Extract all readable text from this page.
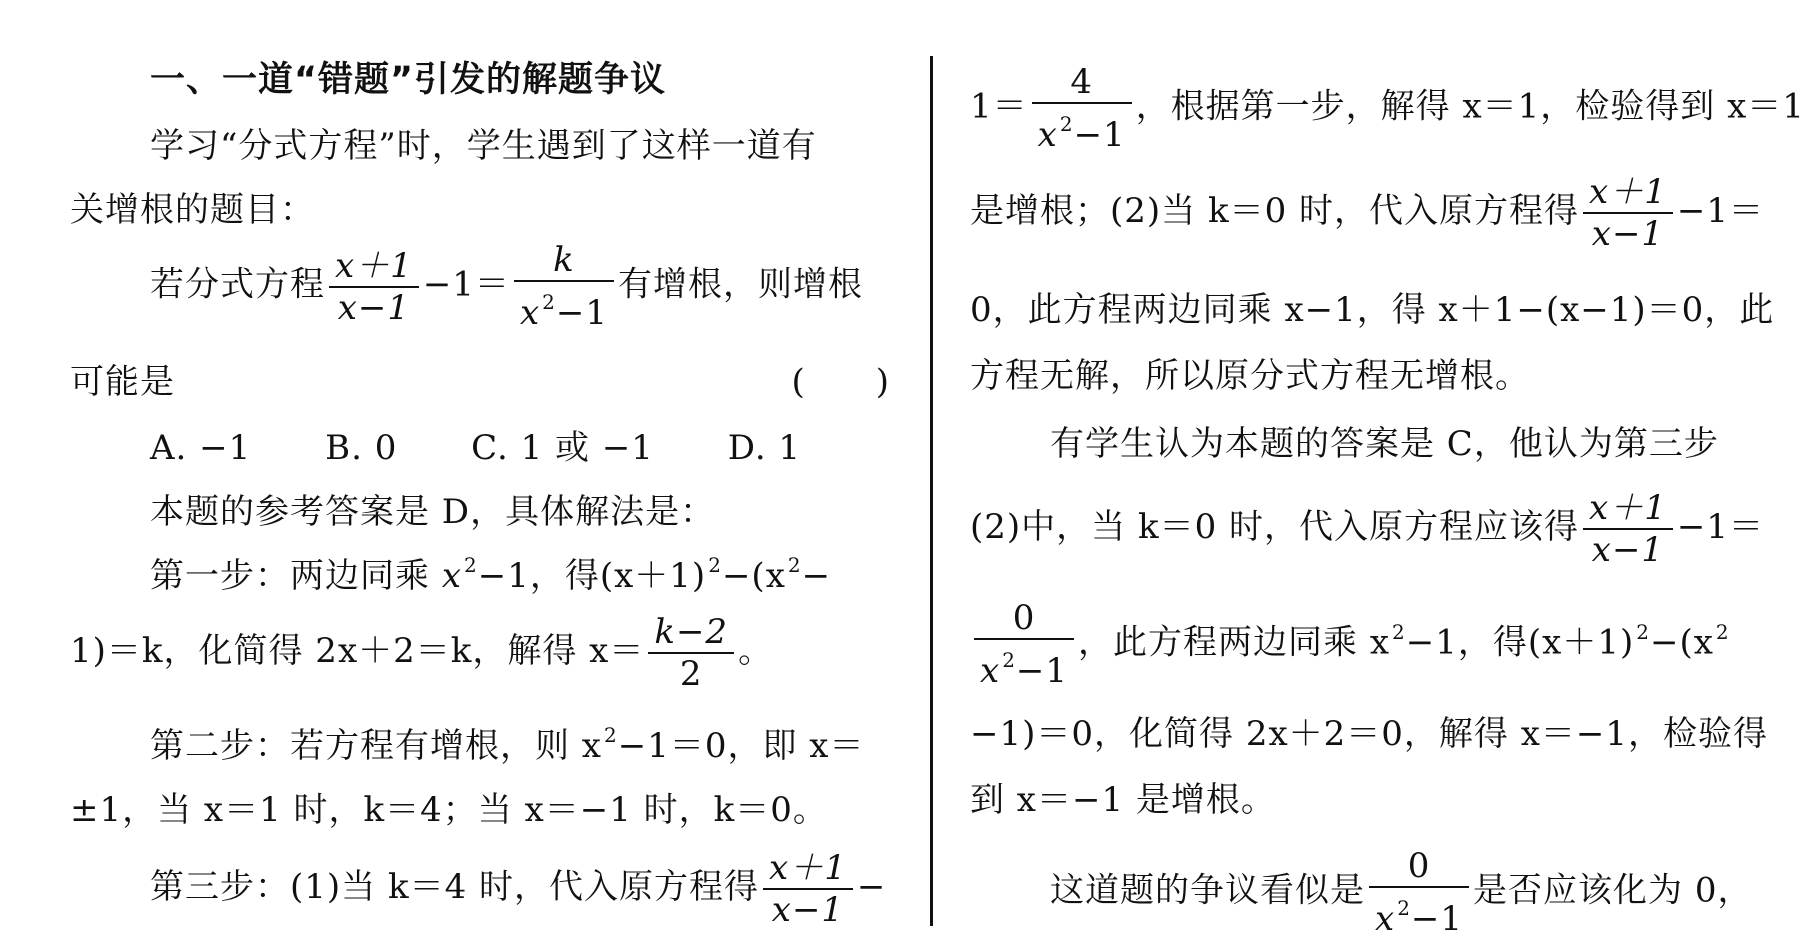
一、一道“错题”引发的解题争议
学习“分式方程”时，学生遇到了这样一道有
关增根的题目：
若分式方程 $\frac{x+1}{x-1} -1= \frac{k}{x ^2-1}$ 有增根，则增根
可能是	(　　)
A. −1 B. 0 C. 1 或 −1 D. 1
本题的参考答案是 D，具体解法是：
第一步：两边同乘 x $^2$−1，得(x＋1) $^2$−(x $^2$−
1)＝k，化简得 2x＋2＝k，解得 $x= \frac{k-2}{2}$ 。
第二步：若方程有增根，则 x $^2$−1＝0，即 x＝
±1，当 x＝1 时，k＝4；当 x＝−1 时，k＝0。
第三步：(1)当 k＝4 时，代入原方程得 $\frac{x+1}{x-1}$ −
$1= \frac{4}{x ^2-1}$ ，根据第一步，解得 x＝1，检验得到 x＝1
是增根；(2)当 k＝0 时，代入原方程得 $\frac{x+1}{x-1} -1=$
0，此方程两边同乘 x−1，得 x＋1−(x−1)＝0，此
方程无解，所以原分式方程无增根。
有学生认为本题的答案是 C，他认为第三步
(2)中，当 k＝0 时，代入原方程应该得 $\frac{x+1}{x-1} -1=$
$\frac{0}{x ^2-1}$ ，此方程两边同乘 x $^2$−1，得(x＋1) $^2$−(x $^2$
−1)＝0，化简得 2x＋2＝0，解得 x＝−1，检验得
到 x＝−1 是增根。
这道题的争议看似是 $\frac{0}{x ^2-1}$ 是否应该化为 0，
